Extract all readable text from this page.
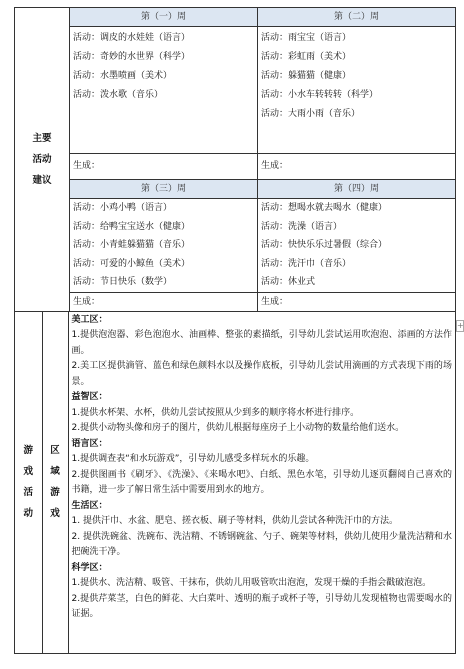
主要
活动
建议
	第（一）周	第（二）周

活动：调皮的水娃娃（语言）
活动：奇妙的水世界（科学）
活动：水墨喷画（美术）
活动：泼水歌（音乐）

活动：雨宝宝（语言）
活动：彩虹雨（美术）
活动：躲猫猫（健康）
活动：小水车转转转（科学）
活动：大雨小雨（音乐）

生成：	生成：
第（三）周	第（四）周

活动：小鸡小鸭（语言）
活动：给鸭宝宝送水（健康）
活动：小青蛙躲猫猫（音乐）
活动：可爱的小鲸鱼（美术）
活动：节日快乐（数学）

活动：想喝水就去喝水（健康）
活动：洗澡（语言）
活动：快快乐乐过暑假（综合）
活动：洗汗巾（音乐）
活动：休业式

生成：	生成：

游
戏
活
动

区
域
游
戏

美工区：
1.提供泡泡器、彩色泡泡水、油画棒、整张的素描纸，引导幼儿尝试运用吹泡泡、添画的方法作画。
2.美工区提供滴管、蓝色和绿色颜料水以及操作底板，引导幼儿尝试用滴画的方式表现下雨的场景。
益智区：
1.提供水杯架、水杯，供幼儿尝试按照从少到多的顺序将水杯进行排序。
2.提供小动物头像和房子的图片，供幼儿根据每座房子上小动物的数量给他们送水。
语言区：
1.提供调查表“和水玩游戏”，引导幼儿感受多样玩水的乐趣。
2.提供图画书《刷牙》、《洗澡》、《来喝水吧》、白纸、黑色水笔，引导幼儿逐页翻阅自己喜欢的书籍，进一步了解日常生活中需要用到水的地方。
生活区：
1. 提供汗巾、水盆、肥皂、搓衣板、刷子等材料，供幼儿尝试各种洗汗巾的方法。
2. 提供洗碗盆、洗碗布、洗洁精、不锈钢碗盆、勺子、碗架等材料，供幼儿使用少量洗洁精和水把碗洗干净。
科学区：
1.提供水、洗洁精、吸管、干抹布，供幼儿用吸管吹出泡泡，发现干燥的手指会戳破泡泡。
2.提供芹菜茎，白色的鲜花、大白菜叶、透明的瓶子或杯子等，引导幼儿发现植物也需要喝水的证据。
+
